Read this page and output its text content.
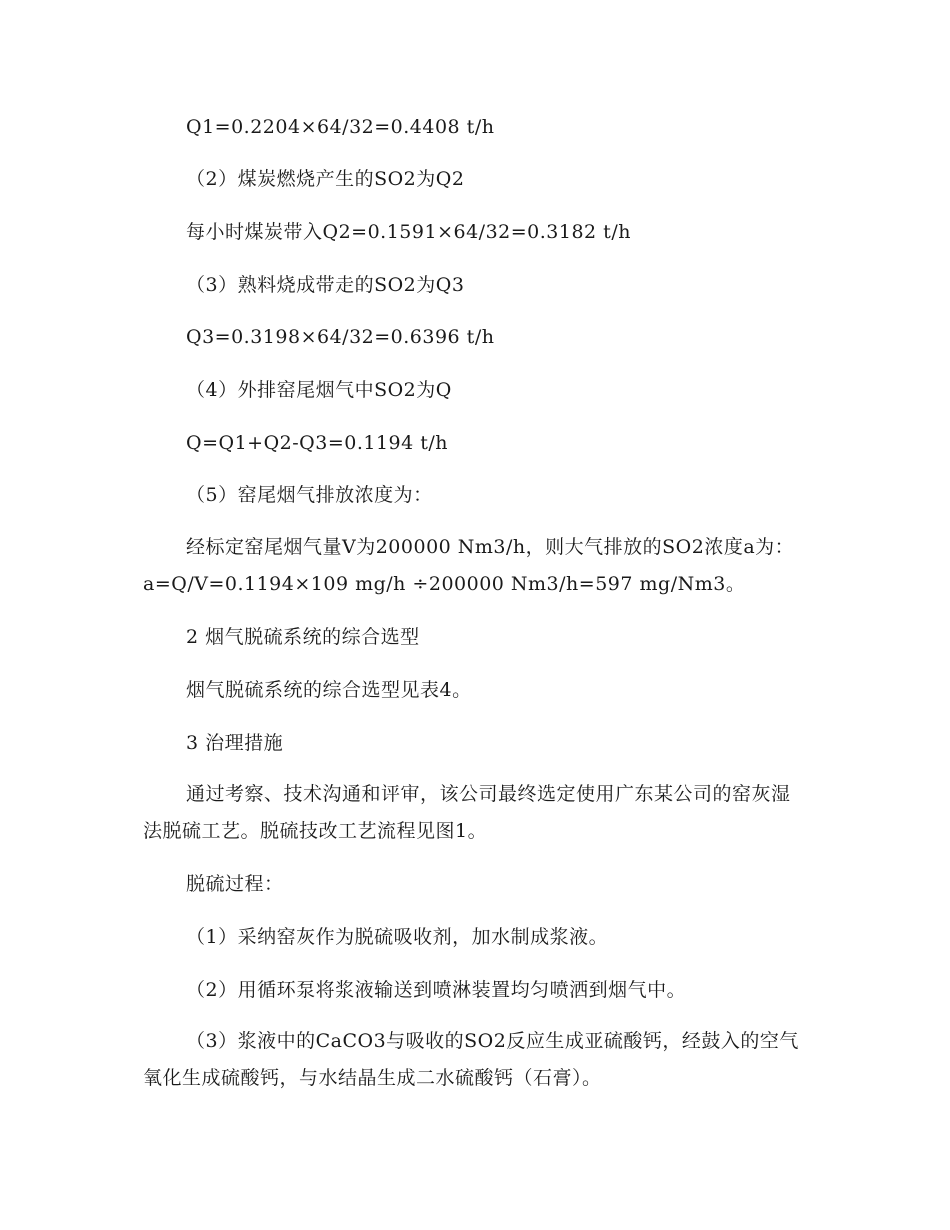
Q1=0.2204×64/32=0.4408 t/h
（2）煤炭燃烧产生的SO2为Q2
每小时煤炭带入Q2=0.1591×64/32=0.3182 t/h
（3）熟料烧成带走的SO2为Q3
Q3=0.3198×64/32=0.6396 t/h
（4）外排窑尾烟气中SO2为Q
Q=Q1+Q2-Q3=0.1194 t/h
（5）窑尾烟气排放浓度为：
经标定窑尾烟气量V为200000 Nm3/h，则大气排放的SO2浓度a为：a=Q/V=0.1194×109 mg/h ÷200000 Nm3/h=597 mg/Nm3。
2 烟气脱硫系统的综合选型
烟气脱硫系统的综合选型见表4。
3 治理措施
通过考察、技术沟通和评审，该公司最终选定使用广东某公司的窑灰湿法脱硫工艺。脱硫技改工艺流程见图1。
脱硫过程：
（1）采纳窑灰作为脱硫吸收剂，加水制成浆液。
（2）用循环泵将浆液输送到喷淋装置均匀喷洒到烟气中。
（3）浆液中的CaCO3与吸收的SO2反应生成亚硫酸钙，经鼓入的空气氧化生成硫酸钙，与水结晶生成二水硫酸钙（石膏）。
